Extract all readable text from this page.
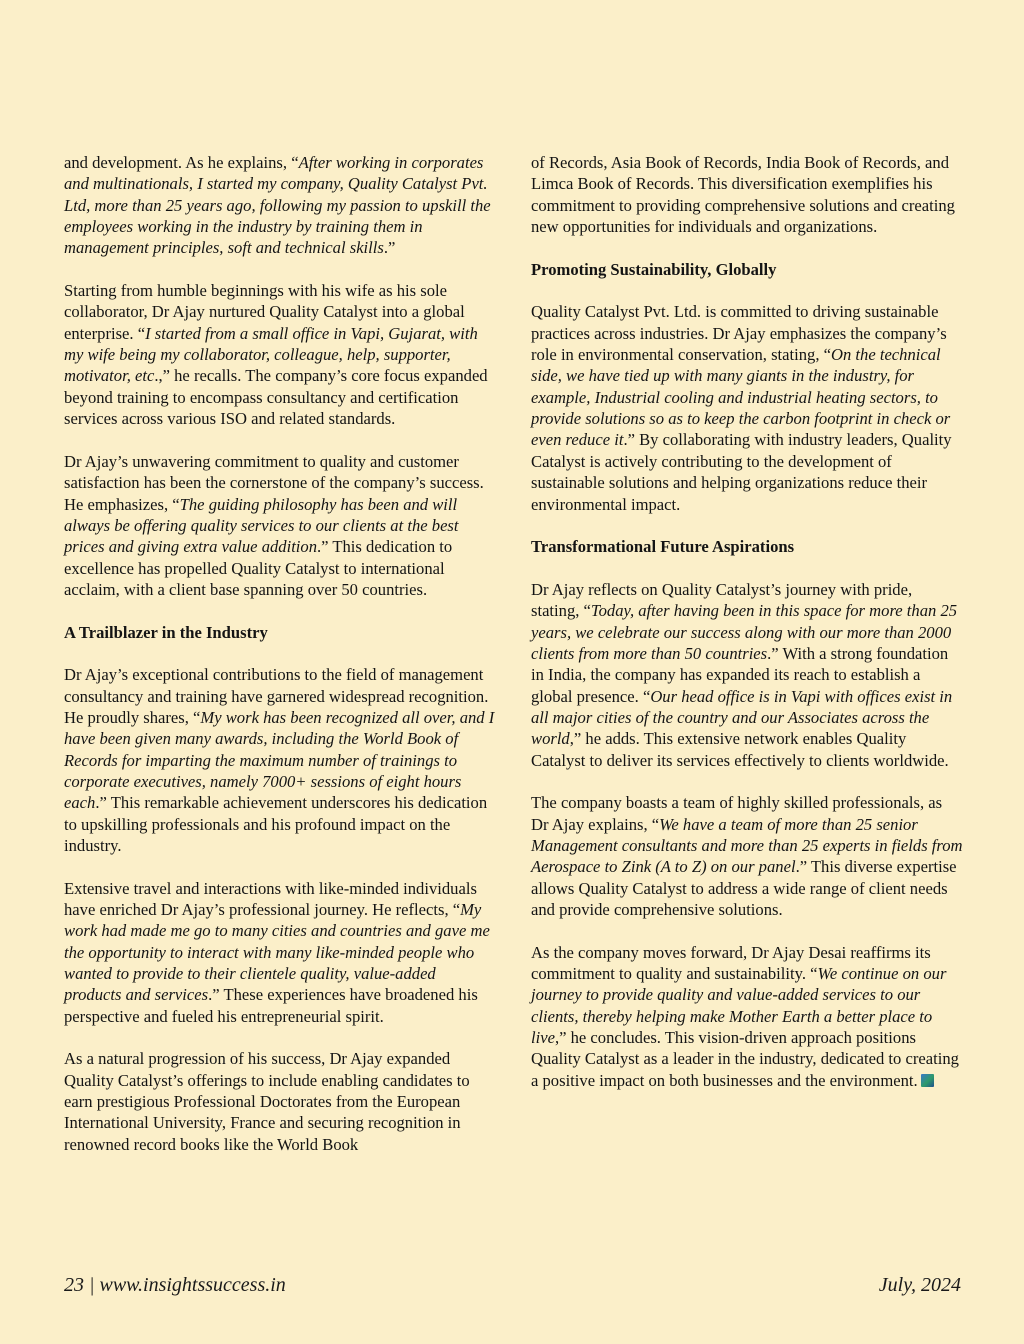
and development. As he explains, “After working in corporates and multinationals, I started my company, Quality Catalyst Pvt. Ltd, more than 25 years ago, following my passion to upskill the employees working in the industry by training them in management principles, soft and technical skills.”

Starting from humble beginnings with his wife as his sole collaborator, Dr Ajay nurtured Quality Catalyst into a global enterprise. “I started from a small office in Vapi, Gujarat, with my wife being my collaborator, colleague, help, supporter, motivator, etc.,” he recalls. The company’s core focus expanded beyond training to encompass consultancy and certification services across various ISO and related standards.

Dr Ajay’s unwavering commitment to quality and customer satisfaction has been the cornerstone of the company’s success. He emphasizes, “The guiding philosophy has been and will always be offering quality services to our clients at the best prices and giving extra value addition.” This dedication to excellence has propelled Quality Catalyst to international acclaim, with a client base spanning over 50 countries.

A Trailblazer in the Industry

Dr Ajay’s exceptional contributions to the field of management consultancy and training have garnered widespread recognition. He proudly shares, “My work has been recognized all over, and I have been given many awards, including the World Book of Records for imparting the maximum number of trainings to corporate executives, namely 7000+ sessions of eight hours each.” This remarkable achievement underscores his dedication to upskilling professionals and his profound impact on the industry.

Extensive travel and interactions with like-minded individuals have enriched Dr Ajay’s professional journey. He reflects, “My work had made me go to many cities and countries and gave me the opportunity to interact with many like-minded people who wanted to provide to their clientele quality, value-added products and services.” These experiences have broadened his perspective and fueled his entrepreneurial spirit.

As a natural progression of his success, Dr Ajay expanded Quality Catalyst’s offerings to include enabling candidates to earn prestigious Professional Doctorates from the European International University, France and securing recognition in renowned record books like the World Book

of Records, Asia Book of Records, India Book of Records, and Limca Book of Records. This diversification exemplifies his commitment to providing comprehensive solutions and creating new opportunities for individuals and organizations.

Promoting Sustainability, Globally

Quality Catalyst Pvt. Ltd. is committed to driving sustainable practices across industries. Dr Ajay emphasizes the company’s role in environmental conservation, stating, “On the technical side, we have tied up with many giants in the industry, for example, Industrial cooling and industrial heating sectors, to provide solutions so as to keep the carbon footprint in check or even reduce it.” By collaborating with industry leaders, Quality Catalyst is actively contributing to the development of sustainable solutions and helping organizations reduce their environmental impact.

Transformational Future Aspirations

Dr Ajay reflects on Quality Catalyst’s journey with pride, stating, “Today, after having been in this space for more than 25 years, we celebrate our success along with our more than 2000 clients from more than 50 countries.” With a strong foundation in India, the company has expanded its reach to establish a global presence. “Our head office is in Vapi with offices exist in all major cities of the country and our Associates across the world,” he adds. This extensive network enables Quality Catalyst to deliver its services effectively to clients worldwide.

The company boasts a team of highly skilled professionals, as Dr Ajay explains, “We have a team of more than 25 senior Management consultants and more than 25 experts in fields from Aerospace to Zink (A to Z) on our panel.” This diverse expertise allows Quality Catalyst to address a wide range of client needs and provide comprehensive solutions.

As the company moves forward, Dr Ajay Desai reaffirms its commitment to quality and sustainability. “We continue on our journey to provide quality and value-added services to our clients, thereby helping make Mother Earth a better place to live,” he concludes. This vision-driven approach positions Quality Catalyst as a leader in the industry, dedicated to creating a positive impact on both businesses and the environment.

23 | www.insightssuccess.in	July, 2024
